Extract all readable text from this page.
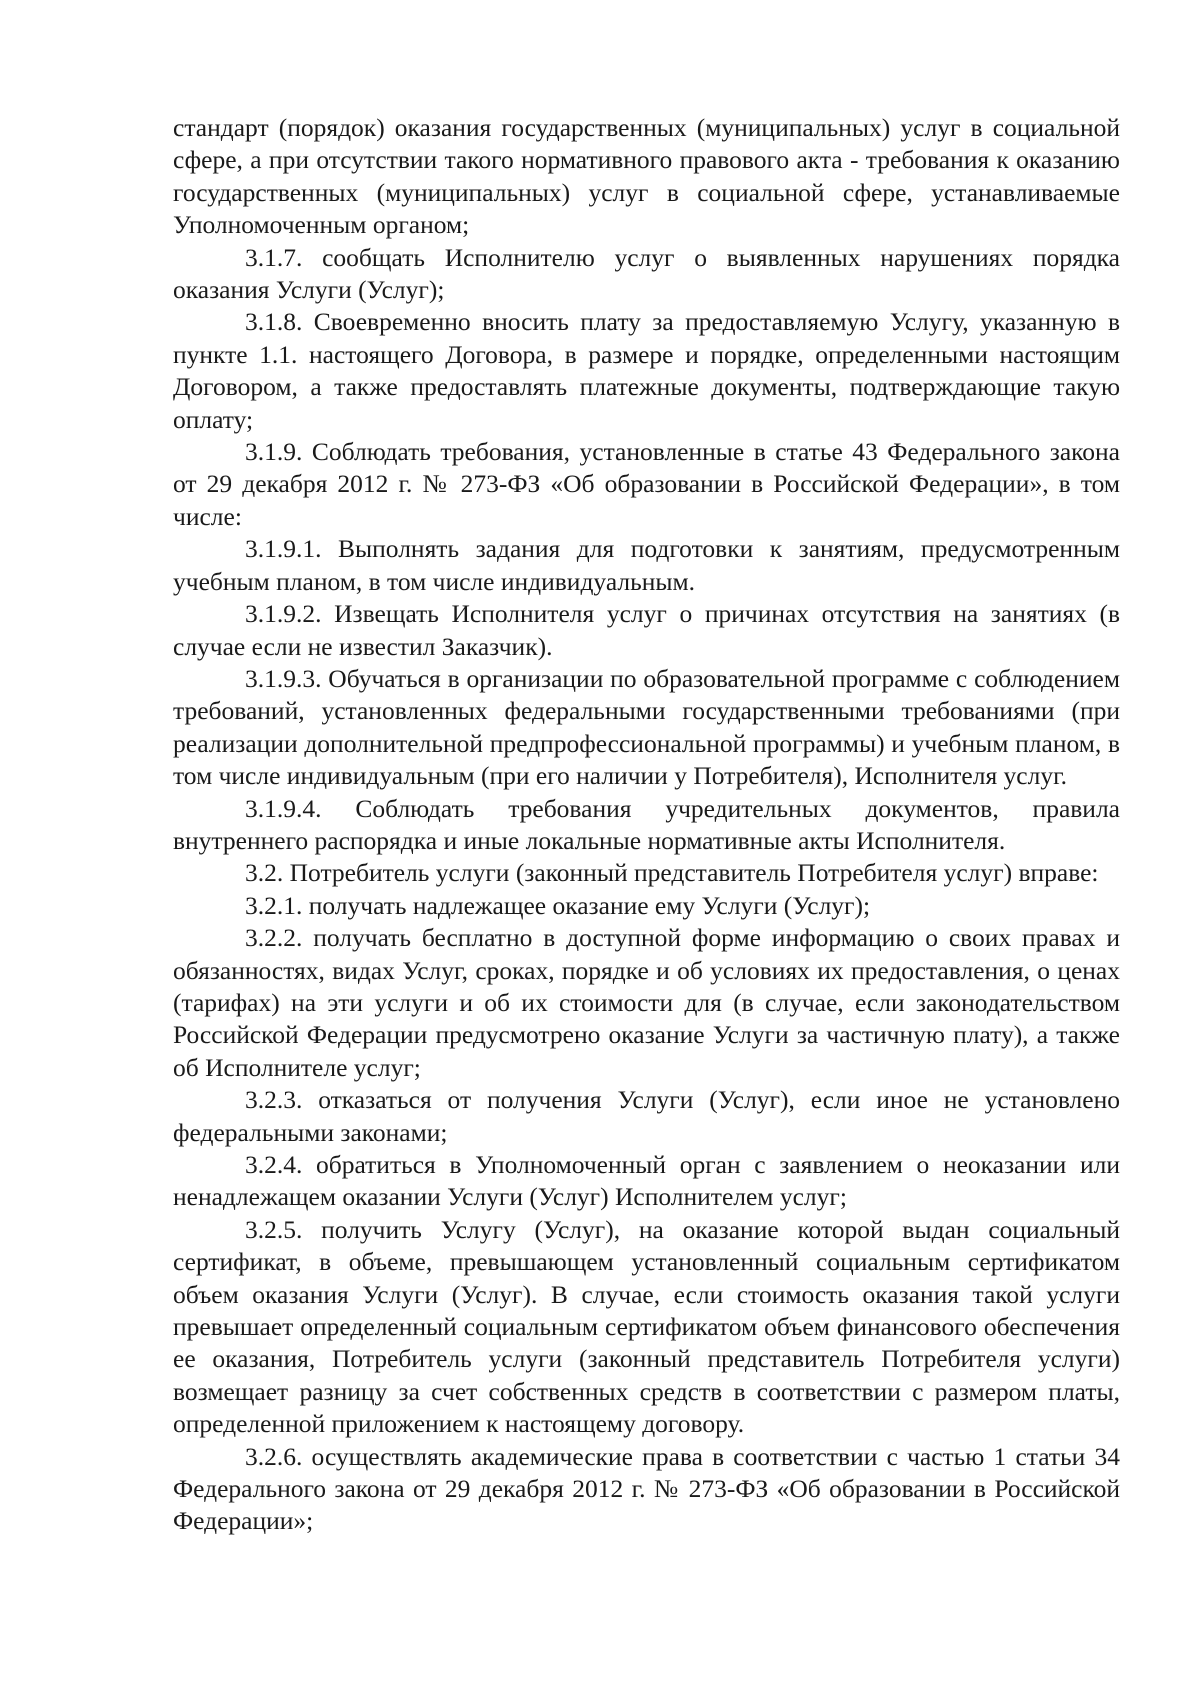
стандарт (порядок) оказания государственных (муниципальных) услуг в социальной сфере, а при отсутствии такого нормативного правового акта - требования к оказанию государственных (муниципальных) услуг в социальной сфере, устанавливаемые Уполномоченным органом;

3.1.7. сообщать Исполнителю услуг о выявленных нарушениях порядка оказания Услуги (Услуг);

3.1.8. Своевременно вносить плату за предоставляемую Услугу, указанную в пункте 1.1. настоящего Договора, в размере и порядке, определенными настоящим Договором, а также предоставлять платежные документы, подтверждающие такую оплату;

3.1.9. Соблюдать требования, установленные в статье 43 Федерального закона от 29 декабря 2012 г. № 273-ФЗ «Об образовании в Российской Федерации», в том числе:

3.1.9.1. Выполнять задания для подготовки к занятиям, предусмотренным учебным планом, в том числе индивидуальным.

3.1.9.2. Извещать Исполнителя услуг о причинах отсутствия на занятиях (в случае если не известил Заказчик).

3.1.9.3. Обучаться в организации по образовательной программе с соблюдением требований, установленных федеральными государственными требованиями (при реализации дополнительной предпрофессиональной программы) и учебным планом, в том числе индивидуальным (при его наличии у Потребителя), Исполнителя услуг.

3.1.9.4. Соблюдать требования учредительных документов, правила внутреннего распорядка и иные локальные нормативные акты Исполнителя.

3.2. Потребитель услуги (законный представитель Потребителя услуг) вправе:

3.2.1. получать надлежащее оказание ему Услуги (Услуг);

3.2.2. получать бесплатно в доступной форме информацию о своих правах и обязанностях, видах Услуг, сроках, порядке и об условиях их предоставления, о ценах (тарифах) на эти услуги и об их стоимости для (в случае, если законодательством Российской Федерации предусмотрено оказание Услуги за частичную плату), а также об Исполнителе услуг;

3.2.3. отказаться от получения Услуги (Услуг), если иное не установлено федеральными законами;

3.2.4. обратиться в Уполномоченный орган с заявлением о неоказании или ненадлежащем оказании Услуги (Услуг) Исполнителем услуг;

3.2.5. получить Услугу (Услуг), на оказание которой выдан социальный сертификат, в объеме, превышающем установленный социальным сертификатом объем оказания Услуги (Услуг). В случае, если стоимость оказания такой услуги превышает определенный социальным сертификатом объем финансового обеспечения ее оказания, Потребитель услуги (законный представитель Потребителя услуги) возмещает разницу за счет собственных средств в соответствии с размером платы, определенной приложением к настоящему договору.

3.2.6. осуществлять академические права в соответствии с частью 1 статьи 34 Федерального закона от 29 декабря 2012 г. № 273-ФЗ «Об образовании в Российской Федерации»;
